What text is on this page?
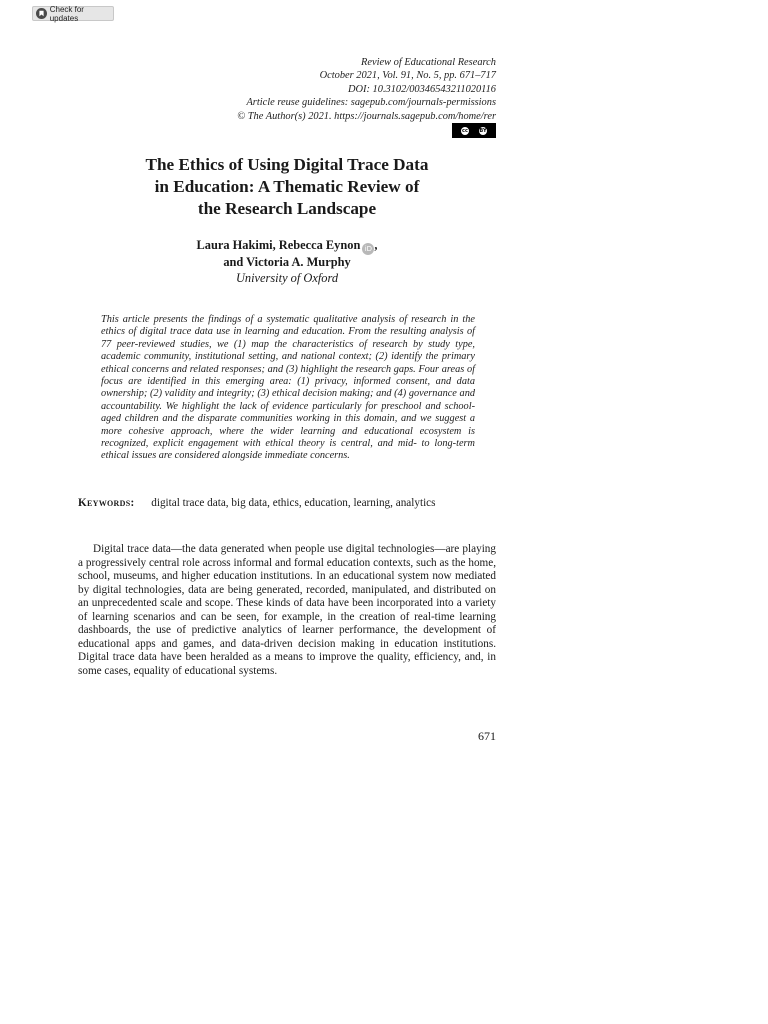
Check for updates
Review of Educational Research
October 2021, Vol. 91, No. 5, pp. 671–717
DOI: 10.3102/00346543211020116
Article reuse guidelines: sagepub.com/journals-permissions
© The Author(s) 2021. https://journals.sagepub.com/home/rer
cc	BY
The Ethics of Using Digital Trace Data
in Education: A Thematic Review of
the Research Landscape
Laura Hakimi, Rebecca Eynon iD ,
and Victoria A. Murphy
University of Oxford

This article presents the findings of a systematic qualitative analysis of research in the ethics of digital trace data use in learning and education. From the resulting analysis of 77 peer-reviewed studies, we (1) map the characteristics of research by study type, academic community, institutional setting, and national context; (2) identify the primary ethical concerns and related responses; and (3) highlight the research gaps. Four areas of focus are identified in this emerging area: (1) privacy, informed consent, and data ownership; (2) validity and integrity; (3) ethical decision making; and (4) governance and accountability. We highlight the lack of evidence particularly for preschool and school-aged children and the disparate communities working in this domain, and we suggest a more cohesive approach, where the wider learning and educational ecosystem is recognized, explicit engagement with ethical theory is central, and mid- to long-term ethical issues are considered alongside immediate concerns.

Keywords: digital trace data, big data, ethics, education, learning, analytics

Digital trace data—the data generated when people use digital technologies—are playing a progressively central role across informal and formal education contexts, such as the home, school, museums, and higher education institutions. In an educational system now mediated by digital technologies, data are being generated, recorded, manipulated, and distributed on an unprecedented scale and scope. These kinds of data have been incorporated into a variety of learning scenarios and can be seen, for example, in the creation of real-time learning dashboards, the use of predictive analytics of learner performance, the development of educational apps and games, and data-driven decision making in education institutions. Digital trace data have been heralded as a means to improve the quality, efficiency, and, in some cases, equality of educational systems.

671
